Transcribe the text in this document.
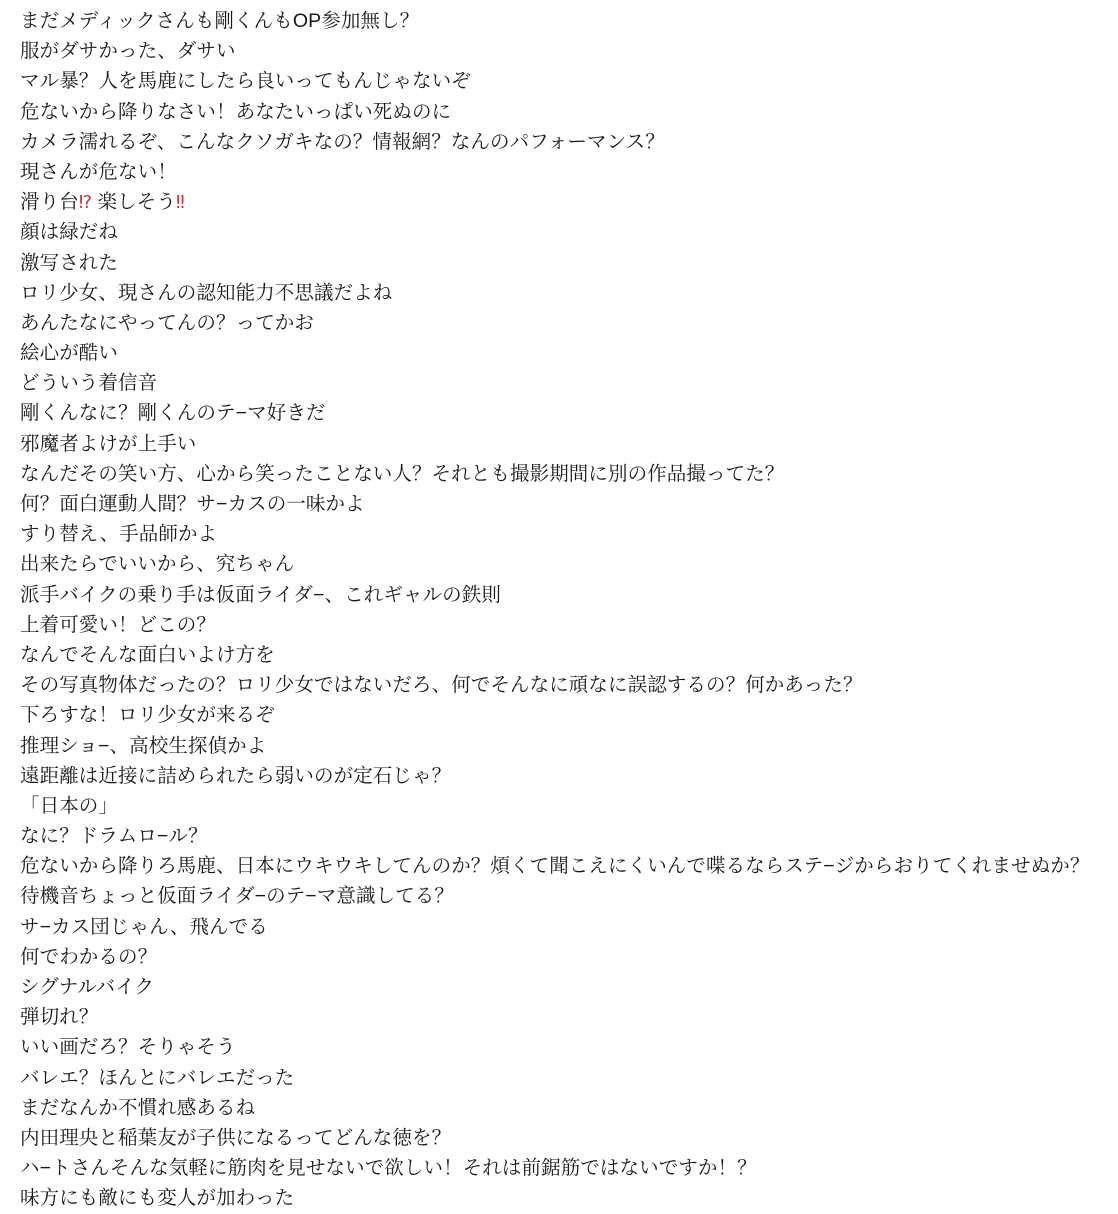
まだメディックさんも剛くんもOP参加無し？
服がダサかった、ダサい
マル暴？人を馬鹿にしたら良いってもんじゃないぞ
危ないから降りなさい！あなたいっぱい死ぬのに
カメラ濡れるぞ、こんなクソガキなの？情報網？なんのパフォーマンス？
現さんが危ない！
滑り台⁉ 楽しそう‼
顔は緑だね
激写された
ロリ少女、現さんの認知能力不思議だよね
あんたなにやってんの？ってかお
絵心が酷い
どういう着信音
剛くんなに？剛くんのテ−マ好きだ
邪魔者よけが上手い
なんだその笑い方、心から笑ったことない人？それとも撮影期間に別の作品撮ってた？
何？面白運動人間？サ−カスの一味かよ
すり替え、手品師かよ
出来たらでいいから、究ちゃん
派手バイクの乗り手は仮面ライダ−、これギャルの鉄則
上着可愛い！どこの？
なんでそんな面白いよけ方を
その写真物体だったの？ロリ少女ではないだろ、何でそんなに頑なに誤認するの？何かあった？
下ろすな！ロリ少女が来るぞ
推理ショ−、高校生探偵かよ
遠距離は近接に詰められたら弱いのが定石じゃ？
「日本の」
なに？ドラムロ−ル？
危ないから降りろ馬鹿、日本にウキウキしてんのか？煩くて聞こえにくいんで喋るならステ−ジからおりてくれませぬか？
待機音ちょっと仮面ライダ−のテ−マ意識してる？
サ−カス団じゃん、飛んでる
何でわかるの？
シグナルバイク
弾切れ？
いい画だろ？そりゃそう
バレエ？ほんとにバレエだった
まだなんか不慣れ感あるね
内田理央と稲葉友が子供になるってどんな徳を？
ハ−トさんそんな気軽に筋肉を見せないで欲しい！それは前鋸筋ではないですか！？
味方にも敵にも変人が加わった
